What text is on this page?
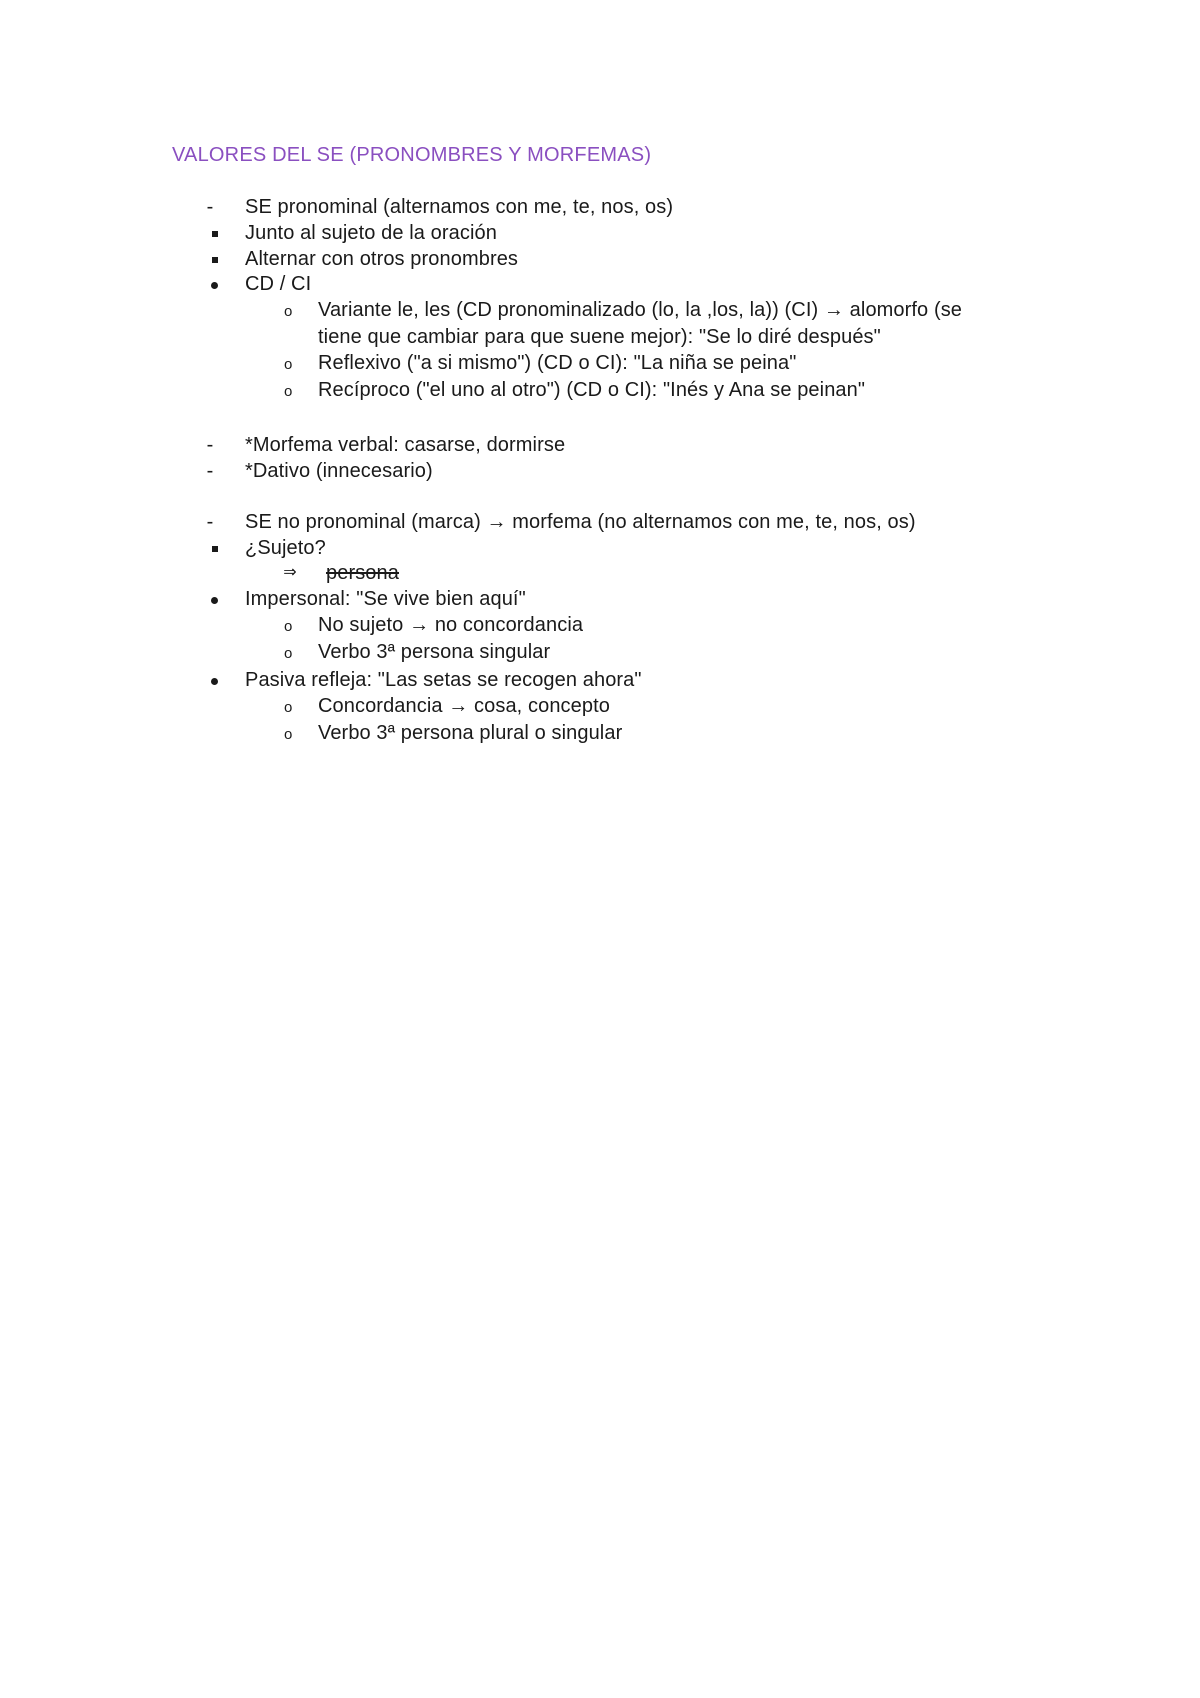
VALORES DEL SE (PRONOMBRES Y MORFEMAS)
-	SE pronominal (alternamos con me, te, nos, os)
Junto al sujeto de la oración
Alternar con otros pronombres
CD / CI
o Variante le, les (CD pronominalizado (lo, la ,los, la)) (CI) → alomorfo (se
tiene que cambiar para que suene mejor): "Se lo diré después"
o Reflexivo ("a si mismo") (CD o CI): "La niña se peina"
o Recíproco ("el uno al otro") (CD o CI): "Inés y Ana se peinan"
-	*Morfema verbal: casarse, dormirse
-	*Dativo (innecesario)
-	SE no pronominal (marca) → morfema (no alternamos con me, te, nos, os)
¿Sujeto?
⇒ persona
Impersonal: "Se vive bien aquí"
o No sujeto → no concordancia
o Verbo 3ª persona singular
Pasiva refleja: "Las setas se recogen ahora"
o Concordancia → cosa, concepto
o Verbo 3ª persona plural o singular
